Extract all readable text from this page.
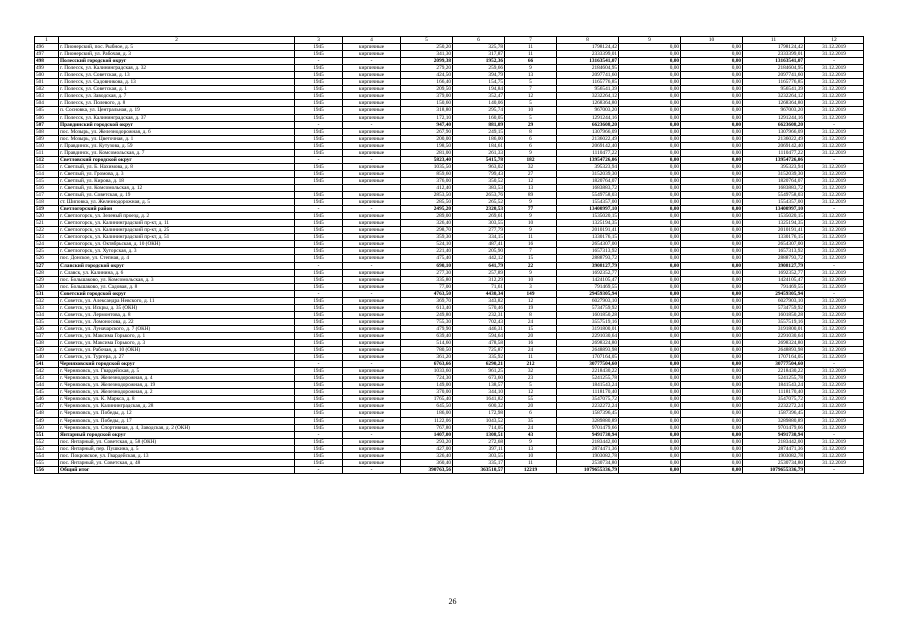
1	2	3	4	5	6	7	8	9	10	11	12
496	г. Пионерский, пос. Рыбное, д. 5	1945	кирпичные	250,20	325,78	11	1798124,42	0,00	0,00	1798124,42	31.12.2019
497	г. Пионерский, ул. Рабочая, д. 3	1945	кирпичные	341,30	317,87	11	2333399,01	0,00	0,00	2333399,01	31.12.2019
498	Полесский городской округ	-	-	2099,38	1952,36	66	13163541,07	0,00	0,00	13163541,07	-
499	г. Полесск, ул. Калининградская, д. 32	1945	кирпичные	279,20	259,66	9	2184604,95	0,00	0,00	2184604,95	31.12.2019
500	г. Полесск, ул. Советская, д. 13	1945	кирпичные	424,50	394,79	13	2097741,60	0,00	0,00	2097741,60	31.12.2019
501	г. Полесск, ул. Садовникова, д. 13	1945	кирпичные	166,40	154,75	5	1165776,85	0,00	0,00	1165776,85	31.12.2019
502	г. Полесск, ул. Советская, д. 1	1945	кирпичные	209,50	194,84	7	956541,39	0,00	0,00	956541,39	31.12.2019
503	г. Полесск, ул. Заводская, д. 7	1945	кирпичные	379,00	352,47	12	3232264,12	0,00	0,00	3232264,12	31.12.2019
504	г. Полесск, ул. Полевого, д. 8	1945	кирпичные	150,60	140,06	5	1268364,80	0,00	0,00	1268364,80	31.12.2019
505	п. Сосновка, ул. Центральная, д. 19	1945	кирпичные	318,80	295,74	10	967003,20	0,00	0,00	967003,20	31.12.2019
506	г. Полесск, ул. Калининградская, д. 37	1945	кирпичные	172,10	160,05	5	1291244,16	0,00	0,00	1291244,16	31.12.2019
507	Правдинский городской округ	-	-	947,40	881,09	29	6623608,20	0,00	0,00	6623608,20	-
508	пос. Мозырь, ул. Железнодорожная, д. 6	1945	кирпичные	267,90	249,15	8	1307966,09	0,00	0,00	1307966,09	31.12.2019
509	пос. Мозырь, ул. Цветочная, д. 1	1945	кирпичные	200,00	186,00	6	2136022,49	0,00	0,00	2136022,49	31.12.2019
510	г. Правдинск, ул. Кутузова, д. 59	1945	кирпичные	198,50	184,61	6	2069142,40	0,00	0,00	2069142,40	31.12.2019
511	г. Правдинск, ул. Комсомольская, д. 7	1945	кирпичные	281,00	261,33	9	1110477,22	0,00	0,00	1110477,22	31.12.2019
512	Светловский городской округ	-	-	5823,40	5415,78	182	13954726,06	0,00	0,00	13954726,06	-
513	г. Светлый, ул. Б. Нахимова, д. 8	1945	кирпичные	1035,50	963,02	32	395323,94	0,00	0,00	395323,94	31.12.2019
514	г. Светлый, ул. Громова, д. 3	1945	кирпичные	859,60	799,43	27	3152039,30	0,00	0,00	3152039,30	31.12.2019
515	г. Светлый, ул. Кирова, д. 18	1945	кирпичные	376,00	350,52	12	1820764,07	0,00	0,00	1820764,07	31.12.2019
516	г. Светлый, ул. Комсомольская, д. 12			412,40	383,53	13	1683883,72	0,00	0,00	1683883,72	31.12.2019
517	г. Светлый, ул. Советская, д. 19	1945	кирпичные	2853,50	2653,76	89	5549758,03	0,00	0,00	5549758,03	31.12.2019
518	ст. Шиповка, ул. Железнодорожная, д. 5	1945	кирпичные	285,50	265,52	9	1554357,00	0,00	0,00	1554357,00	31.12.2019
519	Светлогорский район	-	-	2495,20	2320,53	77	13400997,10	0,00	0,00	13400997,10	-
520	г. Светлогорск, ул. Зеленый проезд, д. 2	1945	кирпичные	289,00	269,61	9	1535020,15	0,00	0,00	1535020,15	31.12.2019
521	г. Светлогорск, ул. Калининградский пр-кт, д. 11	1945	кирпичные	326,40	303,55	10	1325194,35	0,00	0,00	1325194,35	31.12.2019
522	г. Светлогорск, ул. Калининградский пр-кт, д. 25	1945	кирпичные	298,70	277,79	9	2010191,41	0,00	0,00	2010191,41	31.12.2019
523	г. Светлогорск, ул. Калининградский пр-кт, д. 51	1945	кирпичные	359,30	334,15	11	1330176,15	0,00	0,00	1330176,15	31.12.2019
524	г. Светлогорск, ул. Октябрьская, д. 10 (ОКН)	1945	кирпичные	524,10	487,41	16	2654307,00	0,00	0,00	2654307,00	31.12.2019
525	г. Светлогорск, ул. Хуторская, д. 3	1945	кирпичные	221,40	205,90	7	1657313,92	0,00	0,00	1657313,92	31.12.2019
526	пос. Донское, ул. Степная, д. 4	1945	кирпичные	475,40	442,12	15	2888793,72	0,00	0,00	2888793,72	31.12.2019
527	Славский городской округ	-	-	690,10	641,79	22	3908127,79	0,00	0,00	3908127,79	-
528	г. Славск, ул. Калинина, д. 6	1945	кирпичные	277,30	257,89	9	1692352,77	0,00	0,00	1692352,77	31.12.2019
529	пос. Большаково, ул. Комсомольская, д. 3	1945	кирпичные	335,80	312,29	10	1424105,47	0,00	0,00	1424105,47	31.12.2019
530	пос. Большаково, ул. Садовая, д. 8	1945	кирпичные	77,00	71,61	3	791469,55	0,00	0,00	791469,55	31.12.2019
531	Советский городской округ	-	-	4763,50	4430,34	149	29459305,94	0,00	0,00	29459305,94	-
532	г. Советск, ул. Александра Невского, д. 11	1945	кирпичные	369,70	343,82	12	6027903,10	0,00	0,00	6027903,10	31.12.2019
533	г. Советск, ул. Искры, д. 35 (ОКН)	1945	кирпичные	613,40	570,46	19	5734759,92	0,00	0,00	5734759,92	31.12.2019
534	г. Советск, ул. Лермонтова, д. 8	1945	кирпичные	249,80	232,31	8	1601850,28	0,00	0,00	1601850,28	31.12.2019
535	г. Советск, ул. Ломоносова, д. 22	1945	кирпичные	755,30	702,43	24	3557519,16	0,00	0,00	3557519,16	31.12.2019
536	г. Советск, ул. Луначарского, д. 7 (ОКН)	1945	кирпичные	479,90	446,31	15	3191800,01	0,00	0,00	3191800,01	31.12.2019
537	г. Советск, ул. Максима Горького, д. 1	1945	кирпичные	639,40	594,64	20	2291030,64	0,00	0,00	2291030,64	31.12.2019
538	г. Советск, ул. Максима Горького, д. 3	1945	кирпичные	514,60	478,58	16	2698324,80	0,00	0,00	2698324,80	31.12.2019
539	г. Советск, ул. Рабочая, д. 10 (ОКН)	1945	кирпичные	780,50	725,87	24	2648893,98	0,00	0,00	2648893,98	31.12.2019
540	г. Советск, ул. Тургера, д. 27	1945	кирпичные	361,20	335,92	11	1707164,05	0,00	0,00	1707164,05	31.12.2019
541	Черняховский городской округ	-	-	6763,66	6290,21	212	30777504,60	0,00	0,00	30777504,60	-
542	г. Черняховск, ул. Гвардейская, д. 5	1945	кирпичные	1033,60	961,25	32	2218430,22	0,00	0,00	2218430,22	31.12.2019
543	г. Черняховск, ул. Железнодорожная, д. 4	1945	кирпичные	724,30	673,60	23	5241255,78	0,00	0,00	5241255,78	31.12.2019
544	г. Черняховск, ул. Железнодорожная, д. 19	1945	кирпичные	149,00	138,57	5	1841543,24	0,00	0,00	1841543,24	31.12.2019
545	г. Черняховск, ул. Железнодорожная, д. 2	1945	кирпичные	370,00	344,10	12	1118170,40	0,00	0,00	1118170,40	31.12.2019
546	г. Черняховск, ул. К. Маркса, д. 8	1945	кирпичные	1765,40	1641,82	55	3547075,72	0,00	0,00	3547075,72	31.12.2019
547	г. Черняховск, ул. Калининградская, д. 28	1945	кирпичные	645,50	600,32	20	2232272,24	0,00	0,00	2232272,24	31.12.2019
548	г. Черняховск, ул. Победы, д. 12	1945	кирпичные	186,00	172,98	6	1587396,45	0,00	0,00	1587396,45	31.12.2019
549	г. Черняховск, ул. Победы, д. 17	1945	кирпичные	1122,06	1043,52	35	3289880,89	0,00	0,00	3289880,89	31.12.2019
550	г. Черняховск, ул. Спортивная, д. 4, Заводская, д. 2 (ОКН)	1945	кирпичные	767,80	714,05	24	9701479,66	0,00	0,00	9701479,66	31.12.2019
551	Янтарный городской округ	-	-	1407,00	1308,51	43	9491730,94	0,00	0,00	9491730,94	-
552	пос. Янтарный, ул. Советская, д. 58 (ОКН)	1945	кирпичные	293,20	272,68	9	2183442,00	0,00	0,00	2183442,00	31.12.2019
553	пос. Янтарный, пер. Пушкина, д. 5	1945	кирпичные	427,00	397,11	13	2874471,36	0,00	0,00	2874471,36	31.12.2019
554	пос. Покровское, ул. Гвардейская, д. 13	1945	кирпичные	326,40	303,55	10	1903082,78	0,00	0,00	1903082,78	31.12.2019
555	пос. Янтарный, ул. Советская, д. 48	1945	кирпичные	360,40	335,17	11	2530734,80	0,00	0,00	2530734,80	31.12.2019
556	Общий итог	-	-	390763,56	363510,57	12219	1079655336,79	0,00	0,00	1079655336,79	-
26
